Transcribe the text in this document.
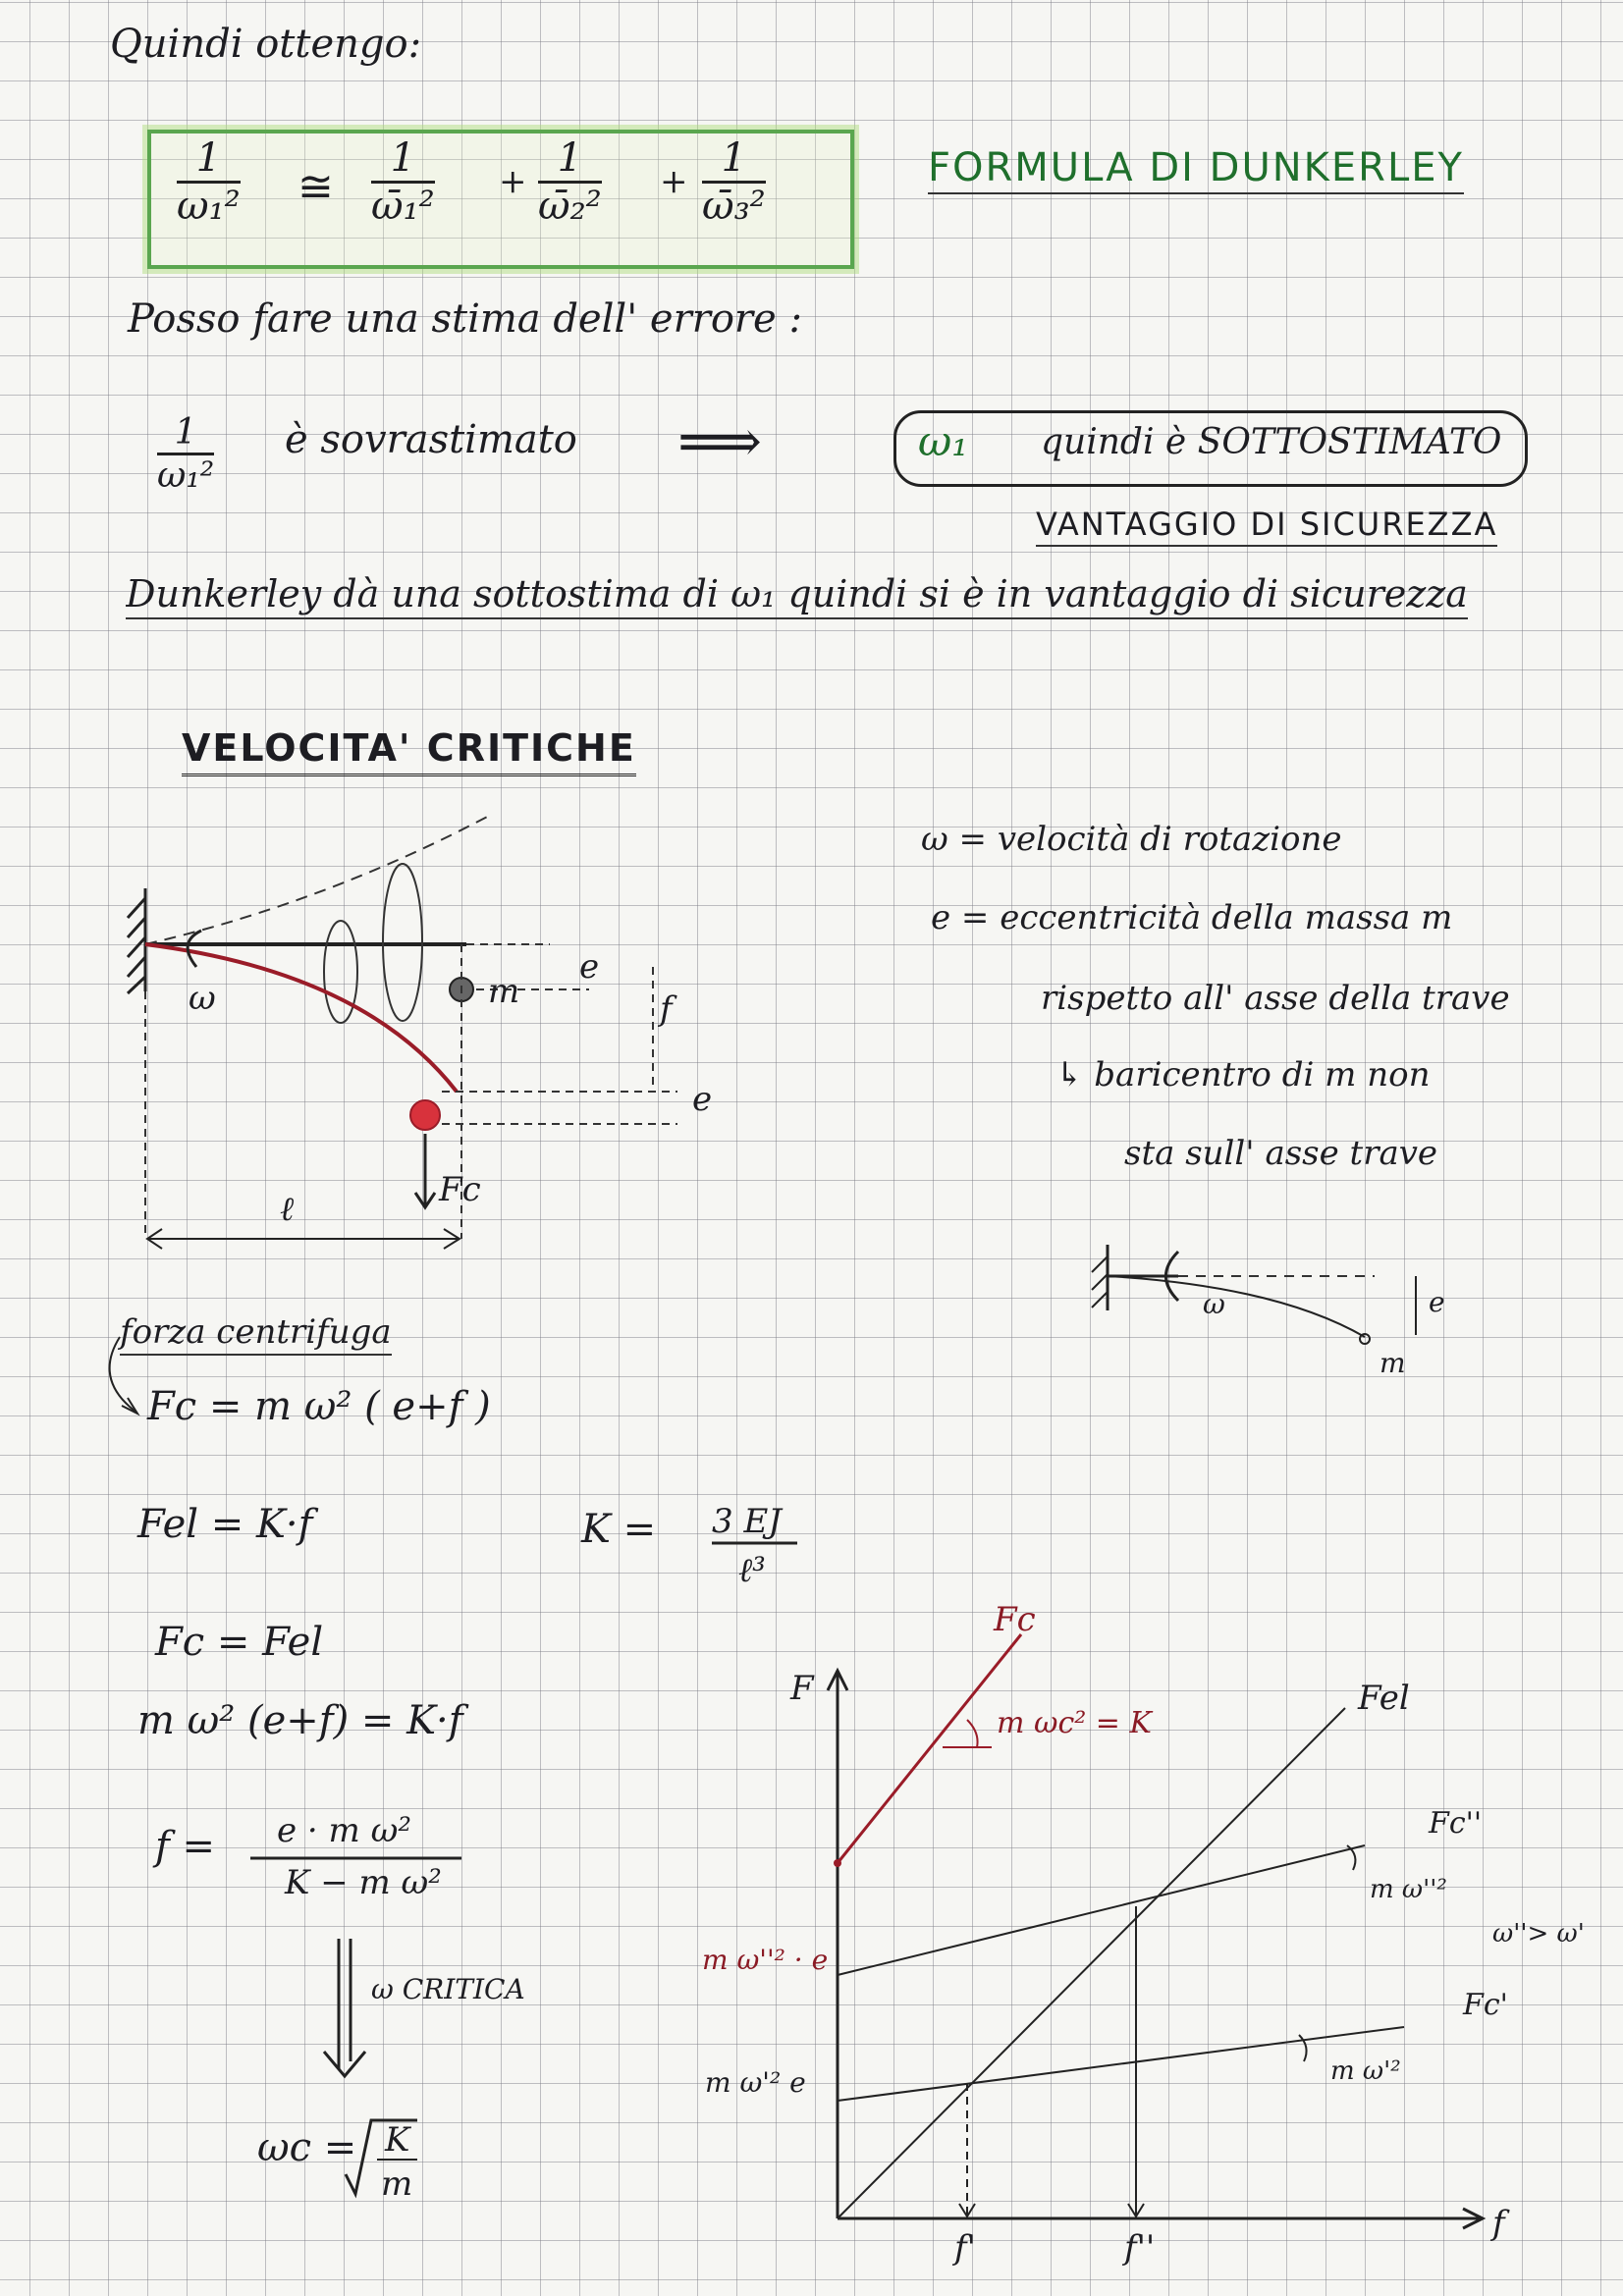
Quindi ottengo:
$\frac{1}{\text{ω₁²}}$ ≅ $\frac{1}{\text{ω̄₁²}} + \frac{1}{\text{ω̄₂²}} + \frac{1}{\text{ω̄₃²}}$	FORMULA DI DUNKERLEY
Posso fare una stima dell' errore :
$\frac{1}{\text{ω₁²}}$ è sovrastimato ⟹	ω₁ quindi è SOTTOSTIMATO
VANTAGGIO DI SICUREZZA
Dunkerley dà una sottostima di ω₁ quindi si è in vantaggio di sicurezza
VELOCITA' CRITICHE
ω	m
e
f
e
Fc
ℓ
ω = velocità di rotazione
e = eccentricità della massa m
rispetto all' asse della trave
↳ baricentro di m non
sta sull' asse trave
ω	e
m
forza centrifuga
Fc = m ω² ( e+f )
Fel = K·f	K = 3 EJ
ℓ³
Fc = Fel
m ω² (e+f) = K·f
f = e · m ω²
K − m ω²
ω CRITICA
ωc = K
m
F
f
Fc
m ωc² = K
Fel
Fc''
m ω''²
ω''> ω'
Fc'
m ω'²
m ω''² · e
m ω'² e
f'	f''
